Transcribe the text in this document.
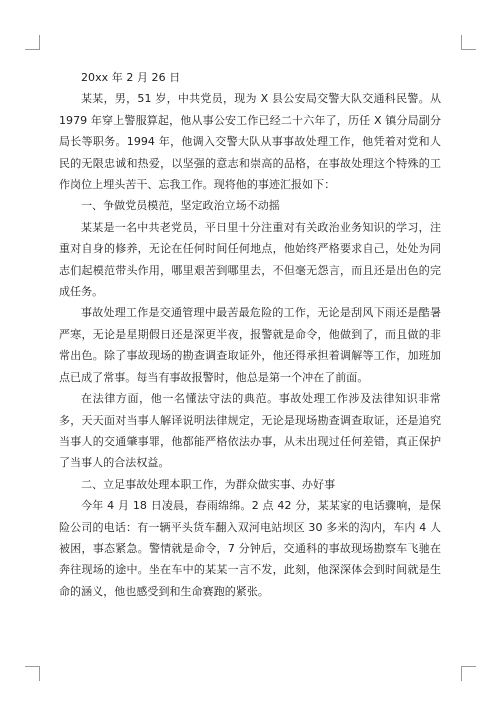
20xx 年 2 月 26 日

某某，男，51 岁，中共党员，现为 X 县公安局交警大队交通科民警。从 1979 年穿上警服算起，他从事公安工作已经二十六年了，历任 X 镇分局副分局长等职务。1994 年，他调入交警大队从事事故处理工作，他凭着对党和人民的无限忠诚和热爱，以坚强的意志和崇高的品格，在事故处理这个特殊的工作岗位上埋头苦干、忘我工作。现将他的事迹汇报如下：

一、争做党员模范，坚定政治立场不动摇

某某是一名中共老党员，平日里十分注重对有关政治业务知识的学习，注重对自身的修养，无论在任何时间任何地点，他始终严格要求自己，处处为同志们起模范带头作用，哪里艰苦到哪里去，不但毫无怨言，而且还是出色的完成任务。

事故处理工作是交通管理中最苦最危险的工作，无论是刮风下雨还是酷暑严寒，无论是星期假日还是深更半夜，报警就是命令，他做到了，而且做的非常出色。除了事故现场的勘查调查取证外，他还得承担着调解等工作，加班加点已成了常事。每当有事故报警时，他总是第一个冲在了前面。

在法律方面，他一名懂法守法的典范。事故处理工作涉及法律知识非常多，天天面对当事人解译说明法律规定，无论是现场勘查调查取证，还是追究当事人的交通肇事罪，他都能严格依法办事，从未出现过任何差错，真正保护了当事人的合法权益。

二、立足事故处理本职工作，为群众做实事、办好事

今年 4 月 18 日凌晨，春雨绵绵。2 点 42 分，某某家的电话骤响，是保险公司的电话：有一辆平头货车翻入双河电站坝区 30 多米的沟内，车内 4 人被困，事态紧急。警情就是命令，7 分钟后，交通科的事故现场勘察车飞驰在奔往现场的途中。坐在车中的某某一言不发，此刻，他深深体会到时间就是生命的涵义，他也感受到和生命赛跑的紧张。
